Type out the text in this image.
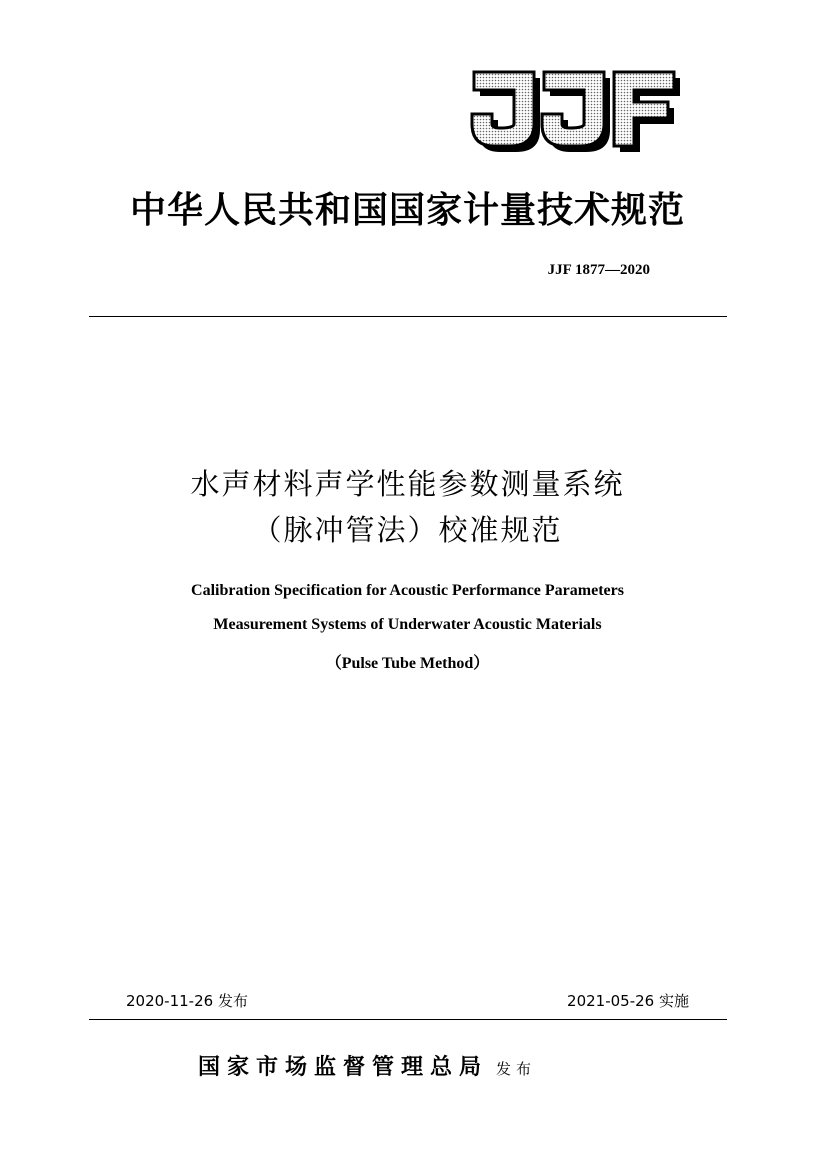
中华人民共和国国家计量技术规范
JJF 1877—2020
水声材料声学性能参数测量系统
（脉冲管法）校准规范
Calibration Specification for Acoustic Performance Parameters
Measurement Systems of Underwater Acoustic Materials
（Pulse Tube Method）
2020-11-26 发布	2021-05-26 实施
国家市场监督管理总局 发布
